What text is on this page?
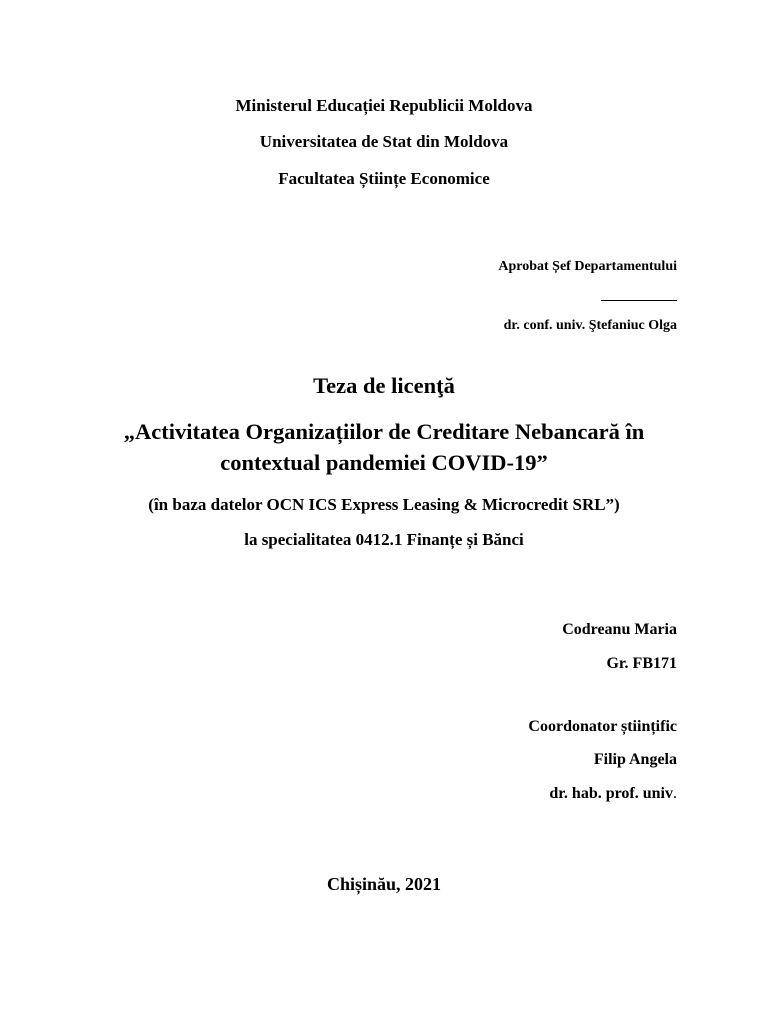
Ministerul Educației Republicii Moldova
Universitatea de Stat din Moldova
Facultatea Științe Economice
Aprobat Șef Departamentului
dr. conf. univ. Ştefaniuc Olga
Teza de licenţă
„Activitatea Organizațiilor de Creditare Nebancară în
contextual pandemiei COVID-19”
(în baza datelor OCN ICS Express Leasing & Microcredit SRL”)
la specialitatea 0412.1 Finanțe și Bănci
Codreanu Maria
Gr. FB171
Coordonator științific
Filip Angela
dr. hab. prof. univ.
Chișinău, 2021
